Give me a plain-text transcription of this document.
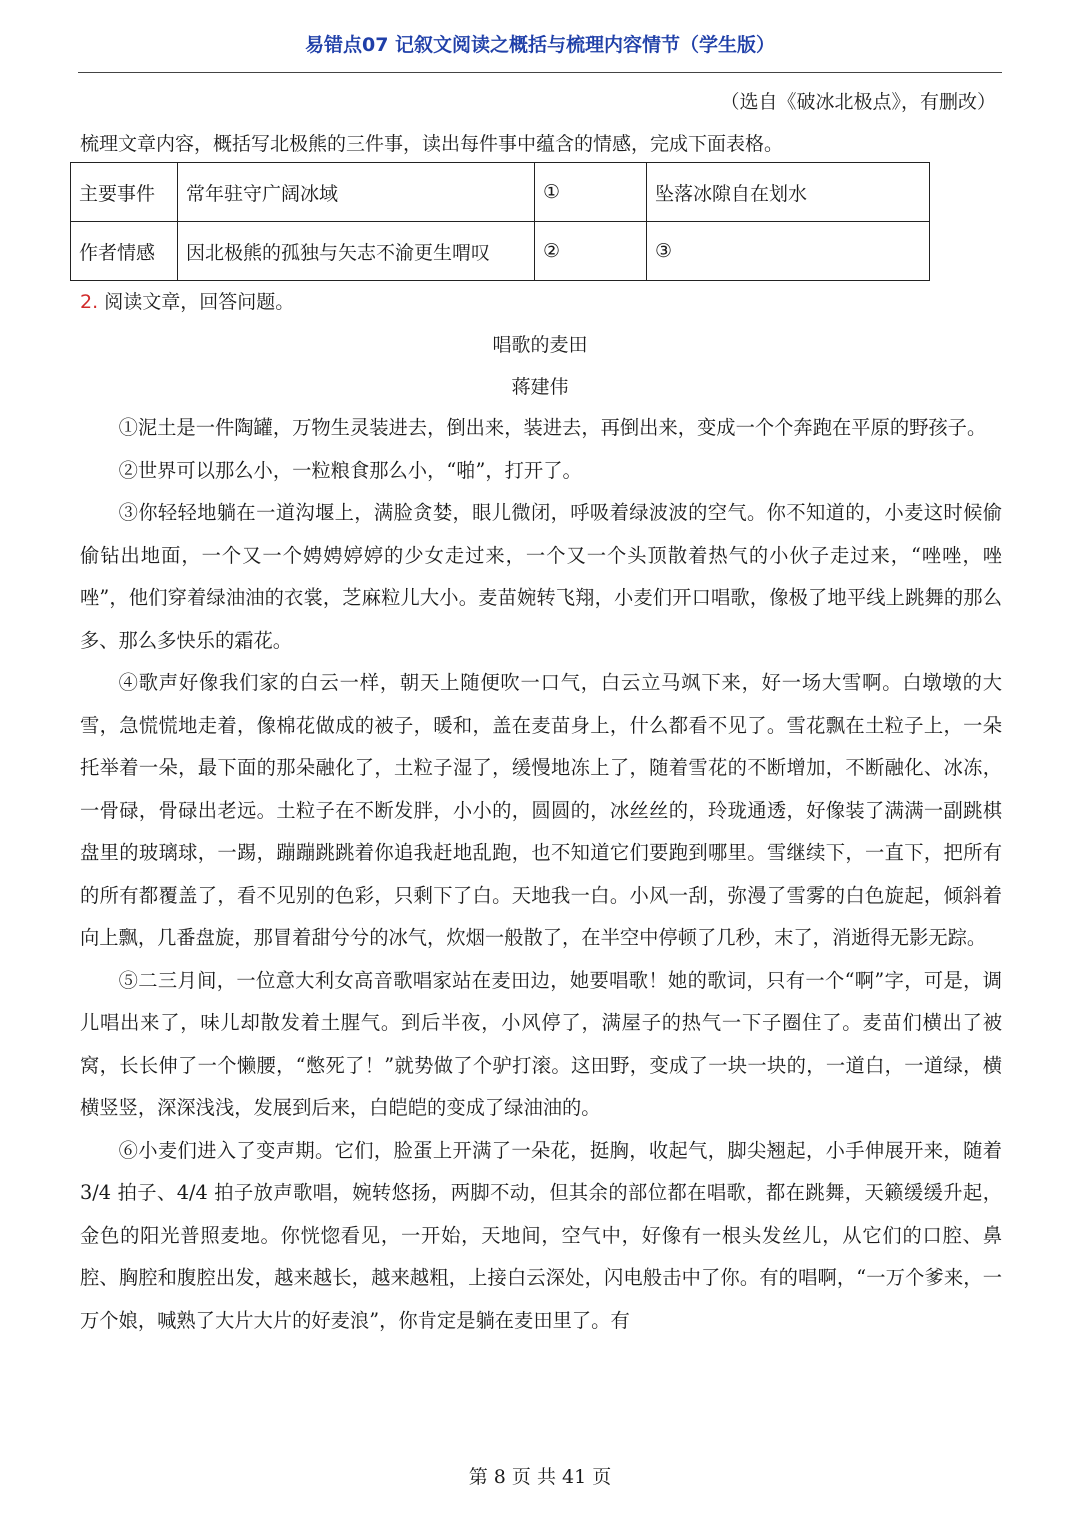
易错点07 记叙文阅读之概括与梳理内容情节（学生版）
（选自《破冰北极点》，有删改）
梳理文章内容，概括写北极熊的三件事，读出每件事中蕴含的情感，完成下面表格。
主要事件	常年驻守广阔冰域	①	坠落冰隙自在划水
作者情感	因北极熊的孤独与矢志不渝更生喟叹	②	③
2. 阅读文章，回答问题。
唱歌的麦田
蒋建伟

①泥土是一件陶罐，万物生灵装进去，倒出来，装进去，再倒出来，变成一个个奔跑在平原的野孩子。

②世界可以那么小，一粒粮食那么小，“啪”，打开了。

③你轻轻地躺在一道沟堰上，满脸贪婪，眼儿微闭，呼吸着绿波波的空气。你不知道的，小麦这时候偷偷钻出地面，一个又一个娉娉婷婷的少女走过来，一个又一个头顶散着热气的小伙子走过来，“唑唑，唑唑”，他们穿着绿油油的衣裳，芝麻粒儿大小。麦苗婉转飞翔，小麦们开口唱歌，像极了地平线上跳舞的那么多、那么多快乐的霜花。

④歌声好像我们家的白云一样，朝天上随便吹一口气，白云立马飒下来，好一场大雪啊。白墩墩的大雪，急慌慌地走着，像棉花做成的被子，暖和，盖在麦苗身上，什么都看不见了。雪花飘在土粒子上，一朵托举着一朵，最下面的那朵融化了，土粒子湿了，缓慢地冻上了，随着雪花的不断增加，不断融化、冰冻，一骨碌，骨碌出老远。土粒子在不断发胖，小小的，圆圆的，冰丝丝的，玲珑通透，好像装了满满一副跳棋盘里的玻璃球，一踢，蹦蹦跳跳着你追我赶地乱跑，也不知道它们要跑到哪里。雪继续下，一直下，把所有的所有都覆盖了，看不见别的色彩，只剩下了白。天地我一白。小风一刮，弥漫了雪雾的白色旋起，倾斜着向上飘，几番盘旋，那冒着甜兮兮的冰气，炊烟一般散了，在半空中停顿了几秒，末了，消逝得无影无踪。

⑤二三月间，一位意大利女高音歌唱家站在麦田边，她要唱歌！她的歌词，只有一个“啊”字，可是，调儿唱出来了，味儿却散发着土腥气。到后半夜，小风停了，满屋子的热气一下子圈住了。麦苗们横出了被窝，长长伸了一个懒腰，“憋死了！”就势做了个驴打滚。这田野，变成了一块一块的，一道白，一道绿，横横竖竖，深深浅浅，发展到后来，白皑皑的变成了绿油油的。

⑥小麦们进入了变声期。它们，脸蛋上开满了一朵花，挺胸，收起气，脚尖翘起，小手伸展开来，随着 3/4 拍子、4/4 拍子放声歌唱，婉转悠扬，两脚不动，但其余的部位都在唱歌，都在跳舞，天籁缓缓升起，金色的阳光普照麦地。你恍惚看见，一开始，天地间，空气中，好像有一根头发丝儿，从它们的口腔、鼻腔、胸腔和腹腔出发，越来越长，越来越粗，上接白云深处，闪电般击中了你。有的唱啊，“一万个爹来，一万个娘，喊熟了大片大片的好麦浪”，你肯定是躺在麦田里了。有

第 8 页 共 41 页
